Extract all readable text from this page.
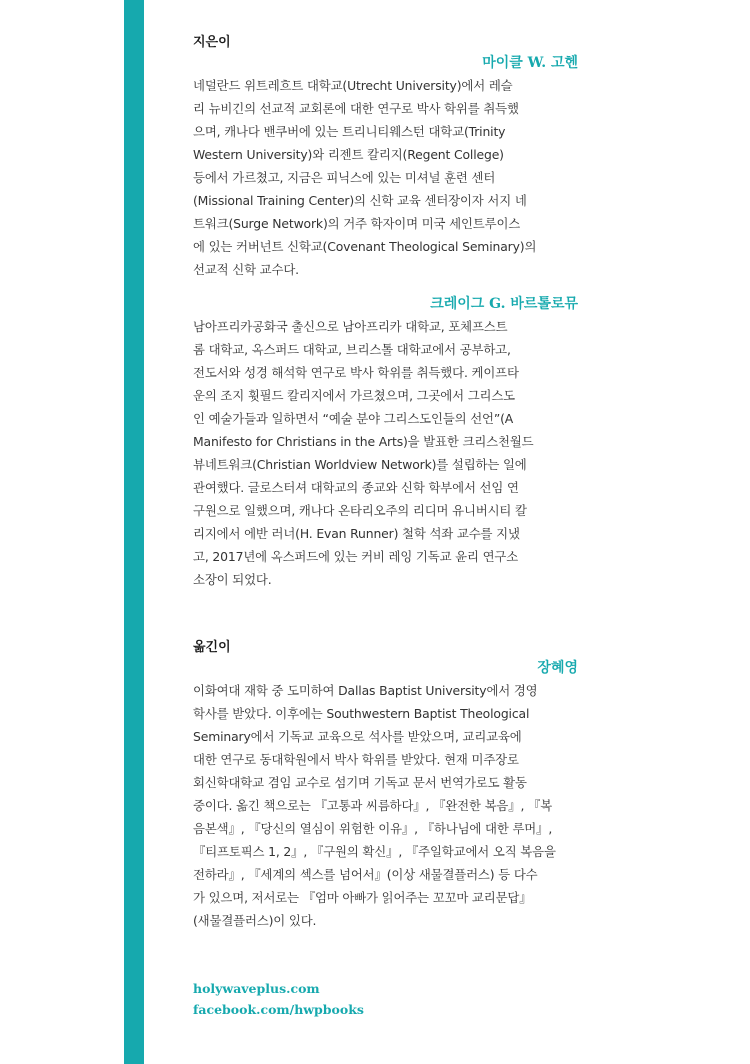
지은이
마이클 W. 고헨
네덜란드 위트레흐트 대학교(Utrecht University)에서 레슬
리 뉴비긴의 선교적 교회론에 대한 연구로 박사 학위를 취득했
으며, 캐나다 밴쿠버에 있는 트리니티웨스턴 대학교(Trinity
Western University)와 리젠트 칼리지(Regent College)
등에서 가르쳤고, 지금은 피닉스에 있는 미셔널 훈련 센터
(Missional Training Center)의 신학 교육 센터장이자 서지 네
트워크(Surge Network)의 거주 학자이며 미국 세인트루이스
에 있는 커버넌트 신학교(Covenant Theological Seminary)의
선교적 신학 교수다.
크레이그 G. 바르톨로뮤
남아프리카공화국 출신으로 남아프리카 대학교, 포체프스트
롬 대학교, 옥스퍼드 대학교, 브리스톨 대학교에서 공부하고,
전도서와 성경 해석학 연구로 박사 학위를 취득했다. 케이프타
운의 조지 휫필드 칼리지에서 가르쳤으며, 그곳에서 그리스도
인 예술가들과 일하면서 “예술 분야 그리스도인들의 선언”(A
Manifesto for Christians in the Arts)을 발표한 크리스천월드
뷰네트워크(Christian Worldview Network)를 설립하는 일에
관여했다. 글로스터셔 대학교의 종교와 신학 학부에서 선임 연
구원으로 일했으며, 캐나다 온타리오주의 리디머 유니버시티 칼
리지에서 에반 러너(H. Evan Runner) 철학 석좌 교수를 지냈
고, 2017년에 옥스퍼드에 있는 커비 레잉 기독교 윤리 연구소
소장이 되었다.
옮긴이
장혜영
이화여대 재학 중 도미하여 Dallas Baptist University에서 경영
학사를 받았다. 이후에는 Southwestern Baptist Theological
Seminary에서 기독교 교육으로 석사를 받았으며, 교리교육에
대한 연구로 동대학원에서 박사 학위를 받았다. 현재 미주장로
회신학대학교 겸임 교수로 섬기며 기독교 문서 번역가로도 활동
중이다. 옮긴 책으로는 『고통과 씨름하다』, 『완전한 복음』, 『복
음본색』, 『당신의 열심이 위험한 이유』, 『하나님에 대한 루머』,
『티프토픽스 1, 2』, 『구원의 확신』, 『주일학교에서 오직 복음을
전하라』, 『세계의 섹스를 넘어서』(이상 새물결플러스) 등 다수
가 있으며, 저서로는 『엄마 아빠가 읽어주는 꼬꼬마 교리문답』
(새물결플러스)이 있다.
holywaveplus.com
facebook.com/hwpbooks
